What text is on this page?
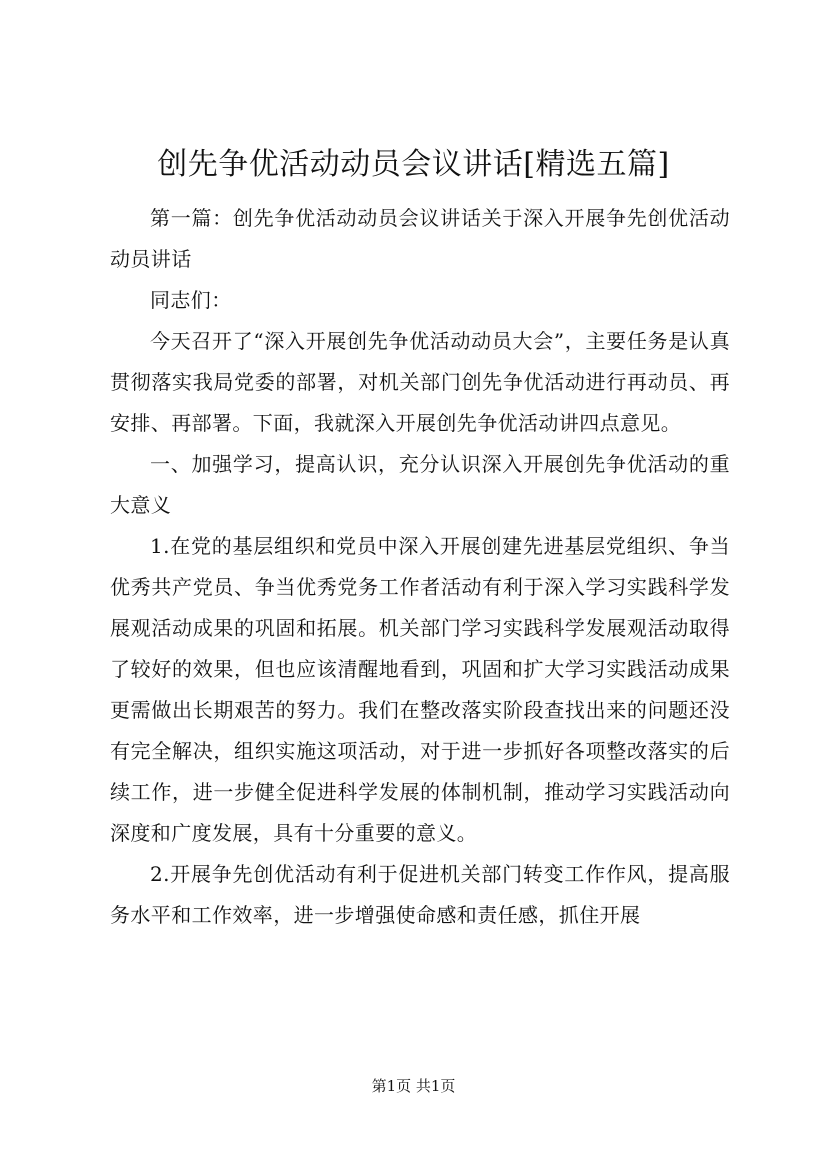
创先争优活动动员会议讲话[精选五篇]

第一篇：创先争优活动动员会议讲话关于深入开展争先创优活动动员讲话

同志们：

今天召开了“深入开展创先争优活动动员大会”，主要任务是认真贯彻落实我局党委的部署，对机关部门创先争优活动进行再动员、再安排、再部署。下面，我就深入开展创先争优活动讲四点意见。

一、加强学习，提高认识，充分认识深入开展创先争优活动的重大意义

1.在党的基层组织和党员中深入开展创建先进基层党组织、争当优秀共产党员、争当优秀党务工作者活动有利于深入学习实践科学发展观活动成果的巩固和拓展。机关部门学习实践科学发展观活动取得了较好的效果，但也应该清醒地看到，巩固和扩大学习实践活动成果更需做出长期艰苦的努力。我们在整改落实阶段查找出来的问题还没有完全解决，组织实施这项活动，对于进一步抓好各项整改落实的后续工作，进一步健全促进科学发展的体制机制，推动学习实践活动向深度和广度发展，具有十分重要的意义。

2.开展争先创优活动有利于促进机关部门转变工作作风，提高服务水平和工作效率，进一步增强使命感和责任感，抓住开展

第1页 共1页
